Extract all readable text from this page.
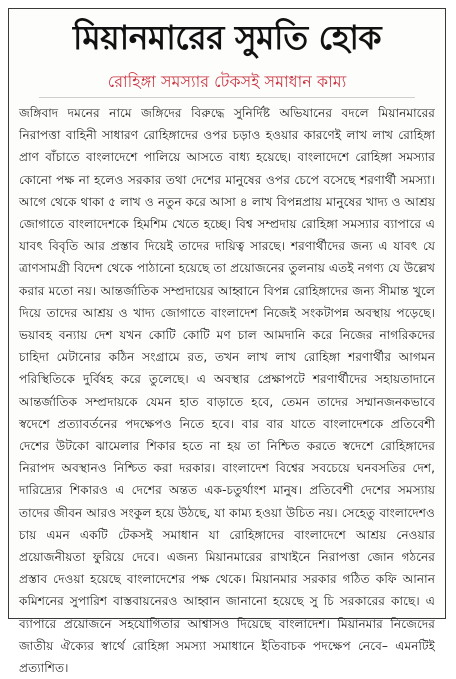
মিয়ানমারের সুমতি হোক
রোহিঙ্গা সমস্যার টেকসই সমাধান কাম্য

জঙ্গিবাদ দমনের নামে জঙ্গিদের বিরুদ্ধে সুনির্দিষ্ট অভিযানের বদলে মিয়ানমারের নিরাপত্তা বাহিনী সাধারণ রোহিঙ্গাদের ওপর চড়াও হওয়ার কারণেই লাখ লাখ রোহিঙ্গা প্রাণ বাঁচাতে বাংলাদেশে পালিয়ে আসতে বাধ্য হয়েছে। বাংলাদেশে রোহিঙ্গা সমস্যার কোনো পক্ষ না হলেও সরকার তথা দেশের মানুষের ওপর চেপে বসেছে শরণার্থী সমস্যা। আগে থেকে থাকা ৫ লাখ ও নতুন করে আসা ৪ লাখ বিপন্নপ্রায় মানুষের খাদ্য ও আশ্রয় জোগাতে বাংলাদেশকে হিমশিম খেতে হচ্ছে। বিশ্ব সম্প্রদায় রোহিঙ্গা সমস্যার ব্যাপারে এ যাবৎ বিবৃতি আর প্রস্তাব দিয়েই তাদের দায়িত্ব সারছে। শরণার্থীদের জন্য এ যাবৎ যে ত্রাণসামগ্রী বিদেশ থেকে পাঠানো হয়েছে তা প্রয়োজনের তুলনায় এতই নগণ্য যে উল্লেখ করার মতো নয়। আন্তর্জাতিক সম্প্রদায়ের আহ্বানে বিপন্ন রোহিঙ্গাদের জন্য সীমান্ত খুলে দিয়ে তাদের আশ্রয় ও খাদ্য জোগাতে বাংলাদেশ নিজেই সংকটাপন্ন অবস্থায় পড়েছে। ভয়াবহ বন্যায় দেশ যখন কোটি কোটি মণ চাল আমদানি করে নিজের নাগরিকদের চাহিদা মেটানোর কঠিন সংগ্রামে রত, তখন লাখ লাখ রোহিঙ্গা শরণার্থীর আগমন পরিস্থিতিকে দুর্বিষহ করে তুলেছে। এ অবস্থার প্রেক্ষাপটে শরণার্থীদের সহায়তাদানে আন্তর্জাতিক সম্প্রদায়কে যেমন হাত বাড়াতে হবে, তেমন তাদের সম্মানজনকভাবে স্বদেশে প্রত্যাবর্তনের পদক্ষেপও নিতে হবে। বার বার যাতে বাংলাদেশকে প্রতিবেশী দেশের উটকো ঝামেলার শিকার হতে না হয় তা নিশ্চিত করতে স্বদেশে রোহিঙ্গাদের নিরাপদ অবস্থানও নিশ্চিত করা দরকার। বাংলাদেশ বিশ্বের সবচেয়ে ঘনবসতির দেশ, দারিদ্র্যের শিকারও এ দেশের অন্তত এক-চতুর্থাংশ মানুষ। প্রতিবেশী দেশের সমস্যায় তাদের জীবন আরও সংকুল হয়ে উঠছে, যা কাম্য হওয়া উচিত নয়। সেহেতু বাংলাদেশও চায় এমন একটি টেকসই সমাধান যা রোহিঙ্গাদের বাংলাদেশে আশ্রয় নেওয়ার প্রয়োজনীয়তা ফুরিয়ে দেবে। এজন্য মিয়ানমারের রাখাইনে নিরাপত্তা জোন গঠনের প্রস্তাব দেওয়া হয়েছে বাংলাদেশের পক্ষ থেকে। মিয়ানমার সরকার গঠিত কফি আনান কমিশনের সুপারিশ বাস্তবায়নেরও আহ্বান জানানো হয়েছে সু চি সরকারের কাছে। এ ব্যাপারে প্রয়োজনে সহযোগিতার আশ্বাসও দিয়েছে বাংলাদেশ। মিয়ানমার নিজেদের জাতীয় ঐক্যের স্বার্থে রোহিঙ্গা সমস্যা সমাধানে ইতিবাচক পদক্ষেপ নেবে– এমনটিই প্রত্যাশিত।
